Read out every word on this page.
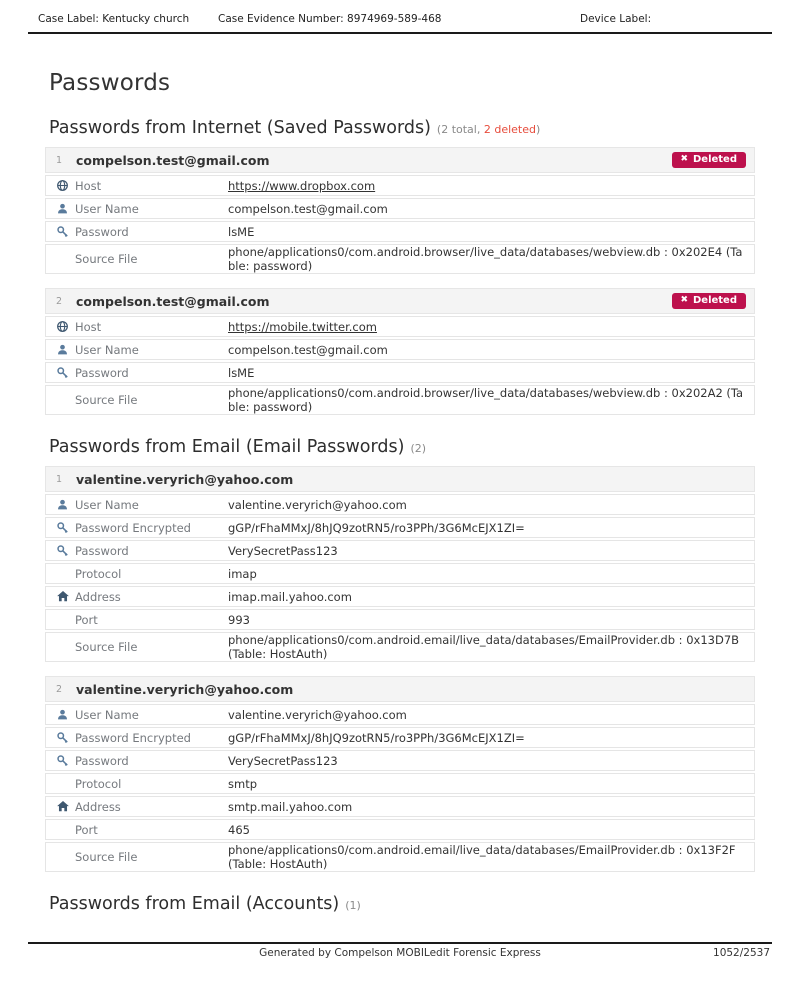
Case Label: Kentucky church	Case Evidence Number: 8974969-589-468	Device Label:
Passwords
Passwords from Internet (Saved Passwords) (2 total, 2 deleted)
1	compelson.test@gmail.com	✖ Deleted
Host	https://www.dropbox.com
User Name	compelson.test@gmail.com
Password	lsME
Source File	phone/applications0/com.android.browser/live_data/databases/webview.db : 0x202E4 (Table: password)
2	compelson.test@gmail.com	✖ Deleted
Host	https://mobile.twitter.com
User Name	compelson.test@gmail.com
Password	lsME
Source File	phone/applications0/com.android.browser/live_data/databases/webview.db : 0x202A2 (Table: password)
Passwords from Email (Email Passwords) (2)
1	valentine.veryrich@yahoo.com
User Name	valentine.veryrich@yahoo.com
Password Encrypted	gGP/rFhaMMxJ/8hJQ9zotRN5/ro3PPh/3G6McEJX1ZI=
Password	VerySecretPass123
Protocol	imap
Address	imap.mail.yahoo.com
Port	993
Source File	phone/applications0/com.android.email/live_data/databases/EmailProvider.db : 0x13D7B (Table: HostAuth)
2	valentine.veryrich@yahoo.com
User Name	valentine.veryrich@yahoo.com
Password Encrypted	gGP/rFhaMMxJ/8hJQ9zotRN5/ro3PPh/3G6McEJX1ZI=
Password	VerySecretPass123
Protocol	smtp
Address	smtp.mail.yahoo.com
Port	465
Source File	phone/applications0/com.android.email/live_data/databases/EmailProvider.db : 0x13F2F (Table: HostAuth)
Passwords from Email (Accounts) (1)
Generated by Compelson MOBILedit Forensic Express	1052/2537
